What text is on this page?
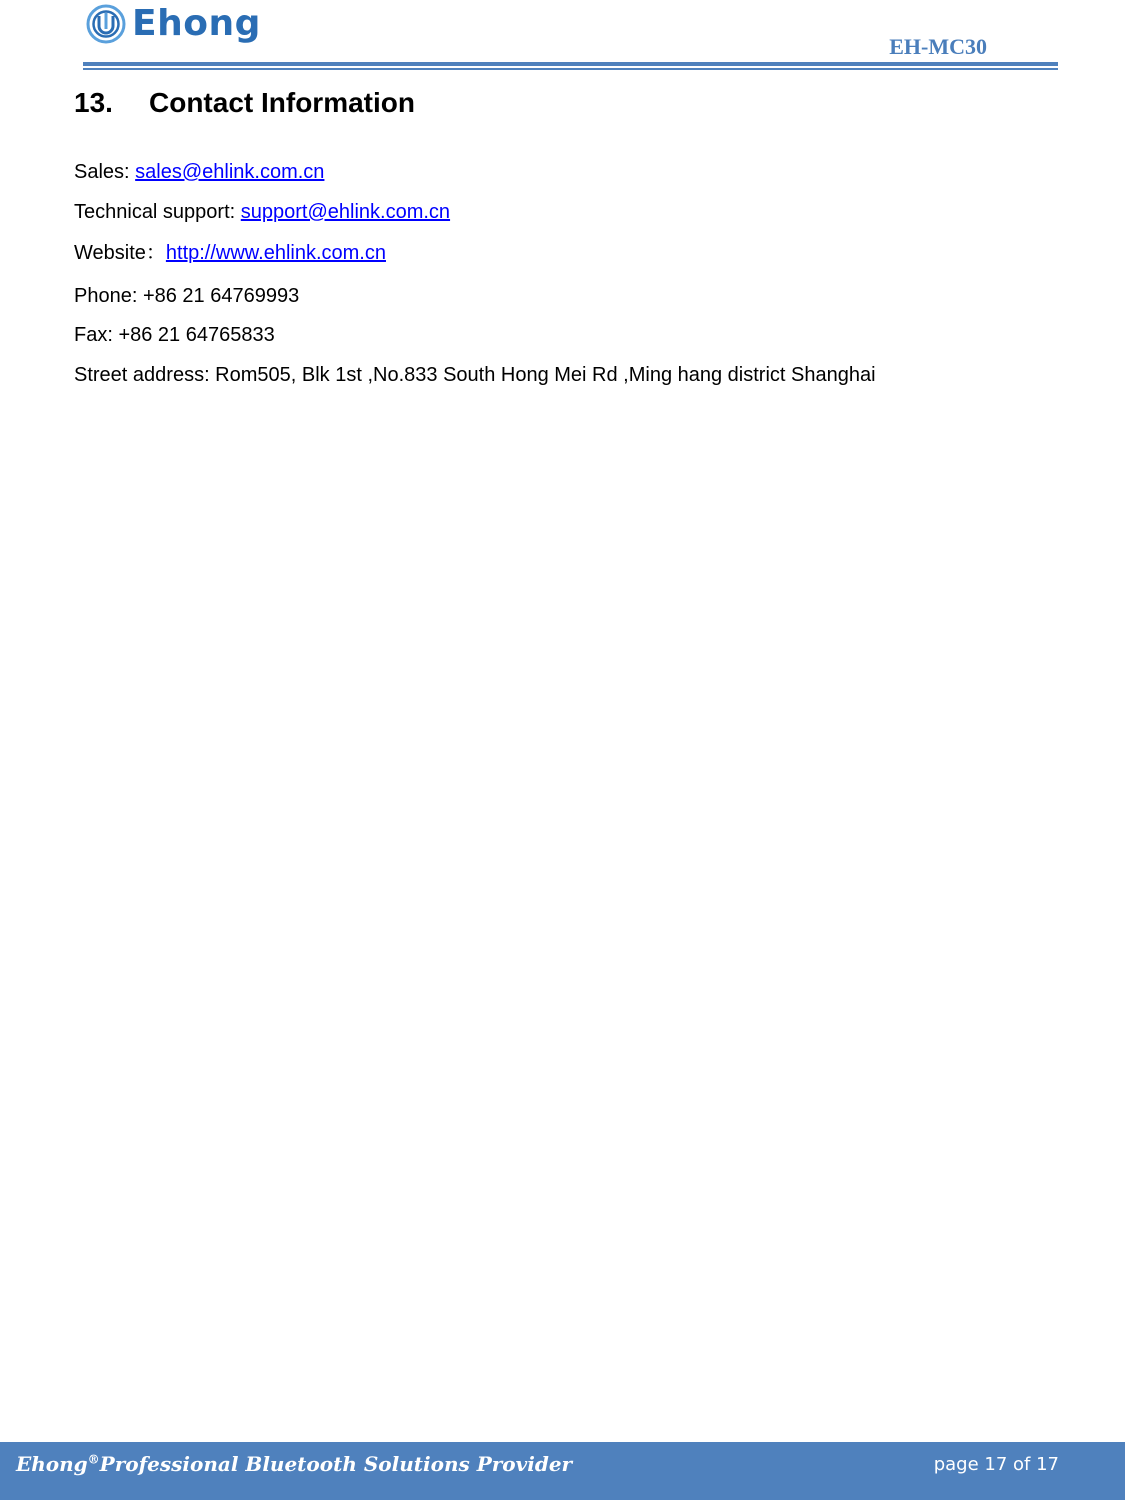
Ehong
EH-MC30
13. Contact Information
Sales: sales@ehlink.com.cn
Technical support: support@ehlink.com.cn
Website：http://www.ehlink.com.cn
Phone: +86 21 64769993
Fax: +86 21 64765833
Street address: Rom505, Blk 1st ,No.833 South Hong Mei Rd ,Ming hang district Shanghai
Ehong®Professional Bluetooth Solutions Provider	page 17 of 17
